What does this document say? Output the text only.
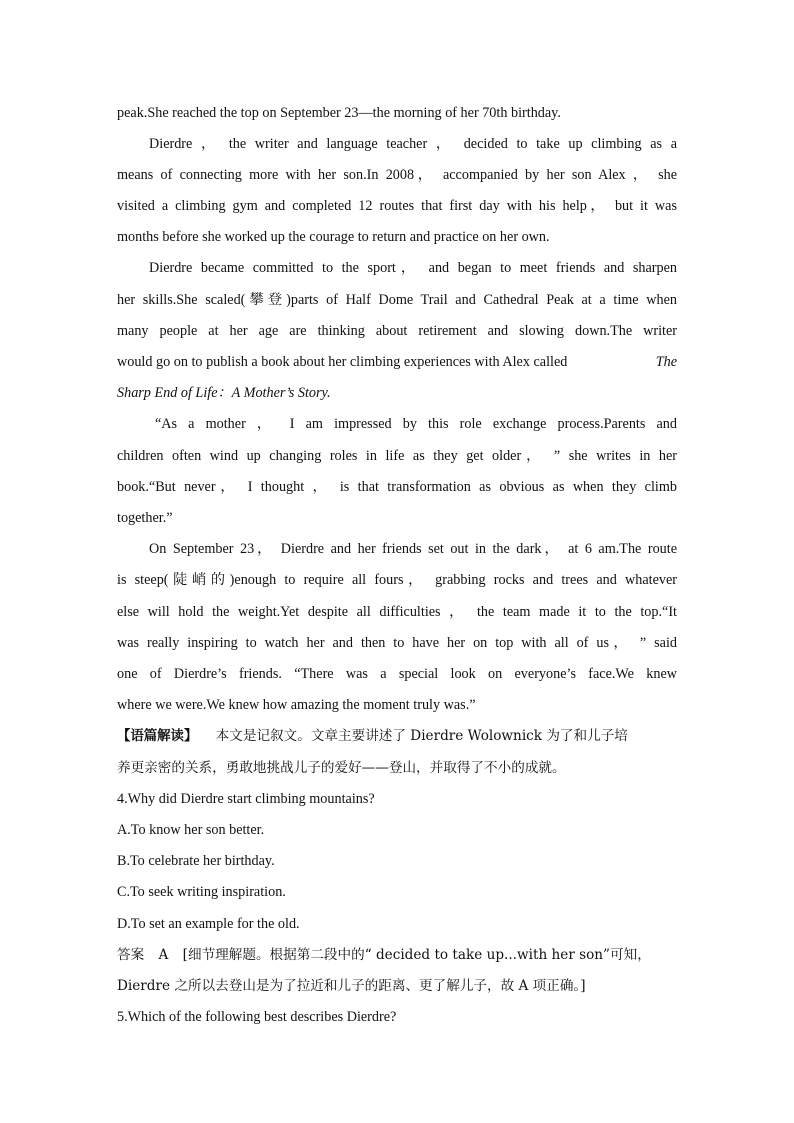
peak.She reached the top on September 23—the morning of her 70th birthday.
Dierdre ， the writer and language teacher ， decided to take up climbing as a
means of connecting more with her son.In 2008， accompanied by her son Alex ， she
visited a climbing gym and completed 12 routes that first day with his help， but it was
months before she worked up the courage to return and practice on her own.
Dierdre became committed to the sport， and began to meet friends and sharpen
her skills.She scaled(攀登)parts of Half Dome Trail and Cathedral Peak at a time when
many people at her age are thinking about retirement and slowing down.The writer
would go on to publish a book about her climbing experiences with Alex called	The
Sharp End of Life：A Mother’s Story.
“As a mother ， I am impressed by this role exchange process.Parents and
children often wind up changing roles in life as they get older， ” she writes in her
book.“But never， I thought ， is that transformation as obvious as when they climb
together.”
On September 23， Dierdre and her friends set out in the dark， at 6 am.The route
is steep(陡峭的)enough to require all fours， grabbing rocks and trees and whatever
else will hold the weight.Yet despite all difficulties ， the team made it to the top.“It
was really inspiring to watch her and then to have her on top with all of us， ” said
one of Dierdre’s friends. “There was a special look on everyone’s face.We knew
where we were.We knew how amazing the moment truly was.”
【语篇解读】 本文是记叙文。文章主要讲述了 Dierdre Wolownick 为了和儿子培
养更亲密的关系，勇敢地挑战儿子的爱好——登山，并取得了不小的成就。
4.Why did Dierdre start climbing mountains?
A.To know her son better.
B.To celebrate her birthday.
C.To seek writing inspiration.
D.To set an example for the old.
答案 A [细节理解题。根据第二段中的“ decided to take up...with her son”可知，
Dierdre 之所以去登山是为了拉近和儿子的距离、更了解儿子，故 A 项正确。]
5.Which of the following best describes Dierdre?
